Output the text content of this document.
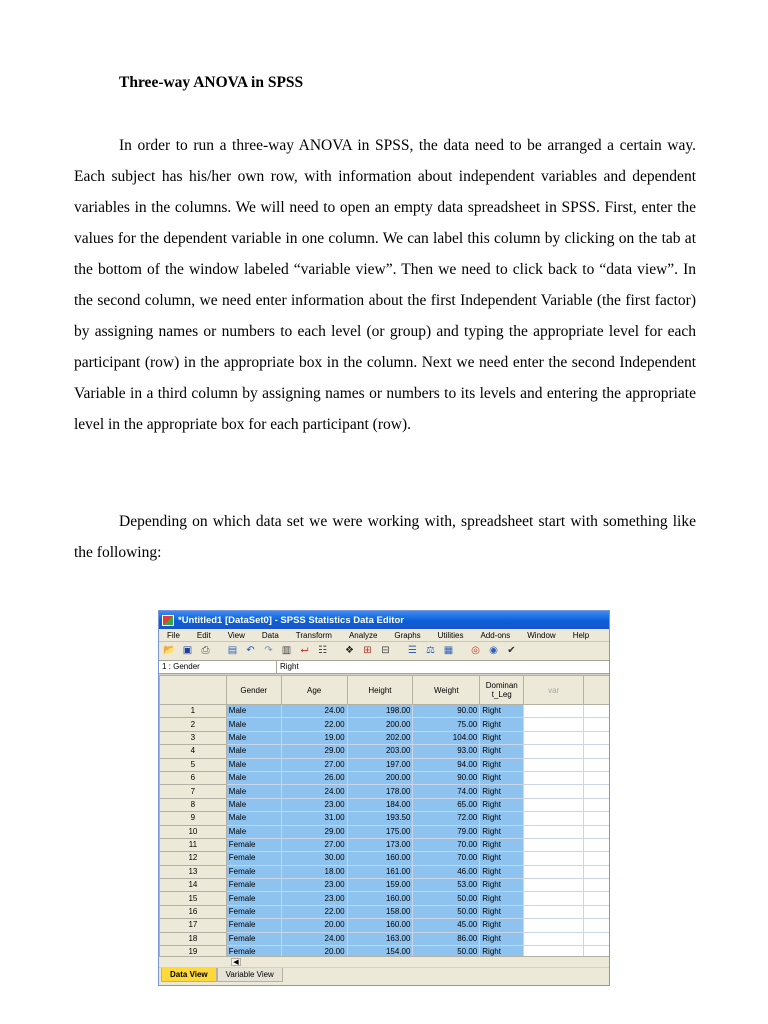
Three-way ANOVA in SPSS

In order to run a three-way ANOVA in SPSS, the data need to be arranged a certain way. Each subject has his/her own row, with information about independent variables and dependent variables in the columns. We will need to open an empty data spreadsheet in SPSS. First, enter the values for the dependent variable in one column. We can label this column by clicking on the tab at the bottom of the window labeled “variable view”. Then we need to click back to “data view”. In the second column, we need enter information about the first Independent Variable (the first factor) by assigning names or numbers to each level (or group) and typing the appropriate level for each participant (row) in the appropriate box in the column. Next we need enter the second Independent Variable in a third column by assigning names or numbers to its levels and entering the appropriate level in the appropriate box for each participant (row).

Depending on which data set we were working with, spreadsheet start with something like the following:

*Untitled1 [DataSet0] - SPSS Statistics Data Editor
File	Edit	View	Data	Transform	Analyze	Graphs	Utilities	Add-ons	Window	Help
📂 ▣ ⎙	▤ ↶ ↷ ▥ ⮠ ☷	❖ ⊞ ⊟	☰ ⚖ ▦	◎ ◉ ✔
1 : Gender	Right
	Gender	Age	Height	Weight	Dominan t_Leg	var	
1	Male	24.00	198.00	90.00	Right		
2	Male	22.00	200.00	75.00	Right		
3	Male	19.00	202.00	104.00	Right		
4	Male	29.00	203.00	93.00	Right		
5	Male	27.00	197.00	94.00	Right		
6	Male	26.00	200.00	90.00	Right		
7	Male	24.00	178.00	74.00	Right		
8	Male	23.00	184.00	65.00	Right		
9	Male	31.00	193.50	72.00	Right		
10	Male	29.00	175.00	79.00	Right		
11	Female	27.00	173.00	70.00	Right		
12	Female	30.00	160.00	70.00	Right		
13	Female	18.00	161.00	46.00	Right		
14	Female	23.00	159.00	53.00	Right		
15	Female	23.00	160.00	50.00	Right		
16	Female	22.00	158.00	50.00	Right		
17	Female	20.00	160.00	45.00	Right		
18	Female	24.00	163.00	86.00	Right		
19	Female	20.00	154.00	50.00	Right		
◀
Data View	Variable View
